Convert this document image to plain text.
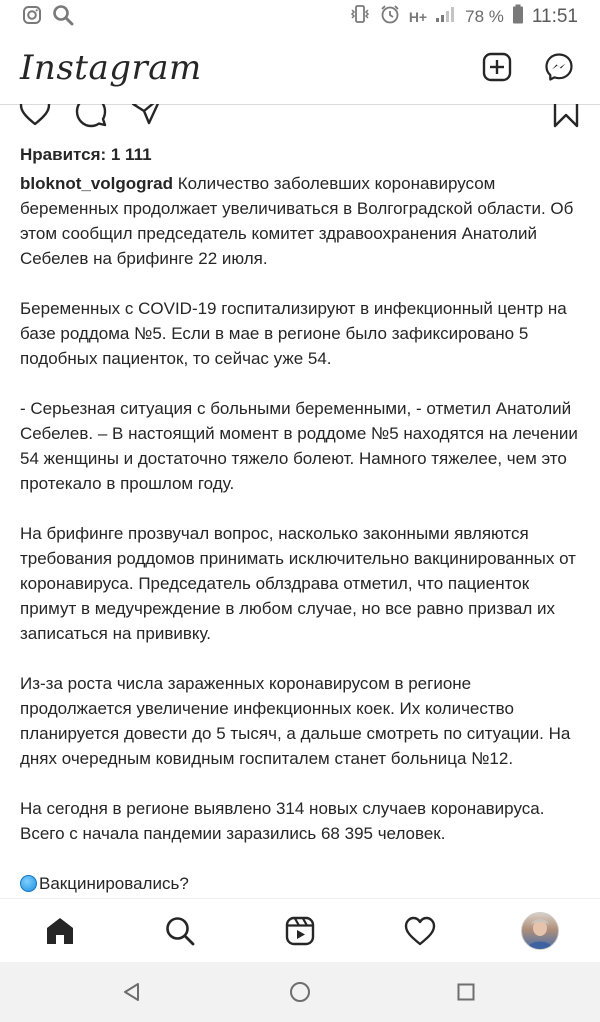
H+ 78 % 11:51
Instagram
Нравится: 1 111

bloknot_volgograd Количество заболевших коронавирусом беременных продолжает увеличиваться в Волгоградской области. Об этом сообщил председатель комитет здравоохранения Анатолий Себелев на брифинге 22 июля.

Беременных с COVID-19 госпитализируют в инфекционный центр на базе роддома №5. Если в мае в регионе было зафиксировано 5 подобных пациенток, то сейчас уже 54.

- Серьезная ситуация с больными беременными, - отметил Анатолий Себелев. – В настоящий момент в роддоме №5 находятся на лечении 54 женщины и достаточно тяжело болеют. Намного тяжелее, чем это протекало в прошлом году.

На брифинге прозвучал вопрос, насколько законными являются требования роддомов принимать исключительно вакцинированных от коронавируса. Председатель облздрава отметил, что пациенток примут в медучреждение в любом случае, но все равно призвал их записаться на прививку.

Из-за роста числа зараженных коронавирусом в регионе продолжается увеличение инфекционных коек. Их количество планируется довести до 5 тысяч, а дальше смотреть по ситуации. На днях очередным ковидным госпиталем станет больница №12.

На сегодня в регионе выявлено 314 новых случаев коронавируса. Всего с начала пандемии заразились 68 395 человек.

Вакцинировались?
